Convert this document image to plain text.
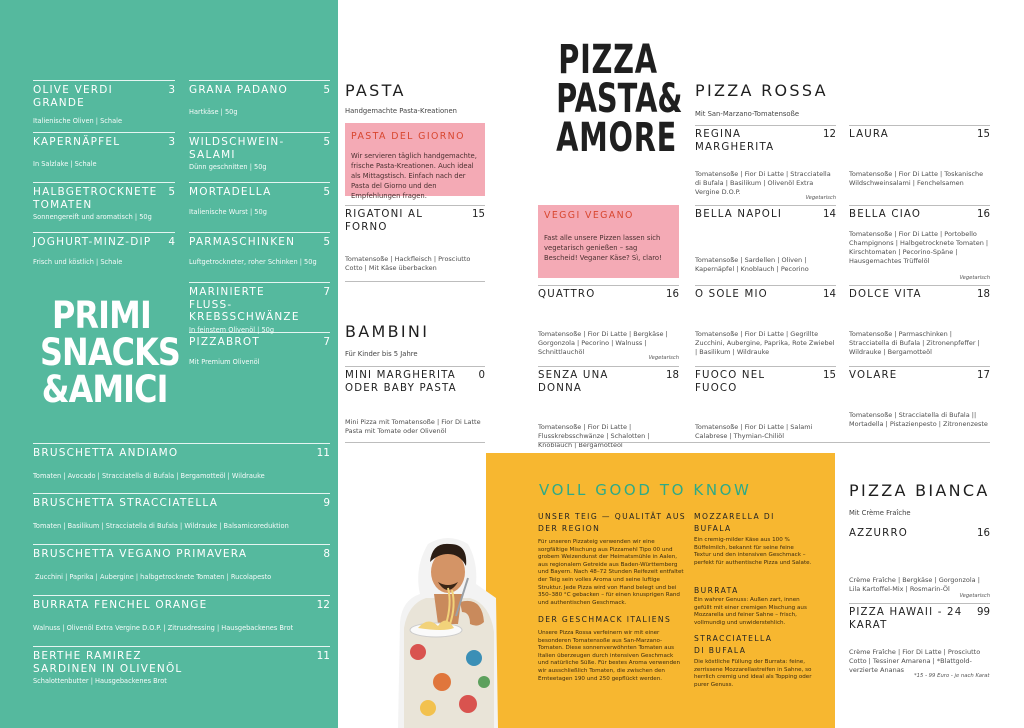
OLIVE VERDI GRANDE
3
Italienische Oliven | Schale
KAPERNÄPFEL	3
In Salzlake | Schale
HALBGETROCKNETE TOMATEN
5
Sonnengereift und aromatisch | 50g
JOGHURT-MINZ-DIP	4
Frisch und köstlich | Schale
GRANA PADANO	5
Hartkäse | 50g
WILDSCHWEIN-SALAMI
5
Dünn geschnitten | 50g
MORTADELLA	5
Italienische Wurst | 50g
PARMASCHINKEN	5
Luftgetrockneter, roher Schinken | 50g
MARINIERTE FLUSS-KREBSSCHWÄNZE
7
In feinstem Olivenöl | 50g
PIZZABROT	7
Mit Premium Olivenöl
PRIMI
SNACKS
&AMICI
BRUSCHETTA ANDIAMO	11
Tomaten | Avocado | Stracciatella di Bufala | Bergamotteöl | Wildrauke
BRUSCHETTA STRACCIATELLA	9
Tomaten | Basilikum | Stracciatella di Bufala | Wildrauke | Balsamicoreduktion
BRUSCHETTA VEGANO PRIMAVERA	8
Zucchini | Paprika | Aubergine | halbgetrocknete Tomaten | Rucolapesto
BURRATA FENCHEL ORANGE	12
Walnuss | Olivenöl Extra Vergine D.O.P. | Zitrusdressing | Hausgebackenes Brot
BERTHE RAMIREZ SARDINEN IN OLIVENÖL
11
Schalottenbutter | Hausgebackenes Brot
PASTA
Handgemachte Pasta-Kreationen
PASTA DEL GIORNO
Wir servieren täglich handgemachte, frische Pasta-Kreationen. Auch ideal als Mittagstisch. Einfach nach der Pasta del Giorno und den Empfehlungen fragen.
RIGATONI AL FORNO
15
Tomatensoße | Hackfleisch | Prosciutto Cotto | Mit Käse überbacken
BAMBINI
Für Kinder bis 5 Jahre
MINI MARGHERITA ODER BABY PASTA
0
Mini Pizza mit Tomatensoße | Fior Di Latte Pasta mit Tomate oder Olivenöl
PIZZA
PASTA&
AMORE
VEGGI VEGANO
Fast alle unsere Pizzen lassen sich vegetarisch genießen – sag Bescheid! Veganer Käse? Sì, claro!
PIZZA ROSSA
Mit San-Marzano-Tomatensoße
REGINA MARGHERITA
12
Tomatensoße | Fior Di Latte | Stracciatella di Bufala | Basilikum | Olivenöl Extra Vergine D.O.P.
Vegetarisch
LAURA	15
Tomatensoße | Fior Di Latte | Toskanische Wildschweinsalami | Fenchelsamen
BELLA NAPOLI	14
Tomatensoße | Sardellen | Oliven | Kapernäpfel | Knoblauch | Pecorino
BELLA CIAO	16
Tomatensoße | Fior Di Latte | Portobello Champignons | Halbgetrocknete Tomaten | Kirschtomaten | Pecorino-Späne | Hausgemachtes Trüffelöl
Vegetarisch
QUATTRO	16
Tomatensoße | Fior Di Latte | Bergkäse | Gorgonzola | Pecorino | Walnuss | Schnittlauchöl
Vegetarisch
O SOLE MIO	14
Tomatensoße | Fior Di Latte | Gegrillte Zucchini, Aubergine, Paprika, Rote Zwiebel | Basilikum | Wildrauke
DOLCE VITA	18
Tomatensoße | Parmaschinken | Stracciatella di Bufala | Zitronenpfeffer | Wildrauke | Bergamotteöl
SENZA UNA DONNA
18
Tomatensoße | Fior Di Latte | Flusskrebsschwänze | Schalotten | Knoblauch | Bergamotteöl
FUOCO NEL FUOCO
15
Tomatensoße | Fior Di Latte | Salami Calabrese | Thymian-Chiliöl
VOLARE	17
Tomatensoße | Stracciatella di Bufala || Mortadella | Pistazienpesto | Zitronenzeste
PIZZA BIANCA
Mit Crème Fraîche
AZZURRO	16
Crème Fraîche | Bergkäse | Gorgonzola | Lila Kartoffel-Mix | Rosmarin-Öl
Vegetarisch
PIZZA HAWAII - 24 KARAT
99
Crème Fraîche | Fior Di Latte | Prosciutto Cotto | Tessiner Amarena | *Blattgold-verzierte Ananas
*15 - 99 Euro - je nach Karat
VOLL GOOD TO KNOW
UNSER TEIG — QUALITÄT AUS DER REGION
Für unseren Pizzateig verwenden wir eine sorgfältige Mischung aus Pizzamehl Tipo 00 und grobem Weizendunst der Heimatsmühle in Aalen, aus regionalem Getreide aus Baden-Württemberg und Bayern. Nach 48–72 Stunden Reifezeit entfaltet der Teig sein volles Aroma und seine luftige Struktur. Jede Pizza wird von Hand belegt und bei 350–380 °C gebacken – für einen knusprigen Rand und authentischen Geschmack.
DER GESCHMACK ITALIENS
Unsere Pizza Rossa verfeinern wir mit einer besonderen Tomatensoße aus San-Marzano-Tomaten. Diese sonnenverwöhnten Tomaten aus Italien überzeugen durch intensiven Geschmack und natürliche Süße. Für bestes Aroma verwenden wir ausschließlich Tomaten, die zwischen den Ernteetagen 190 und 250 gepflückt werden.
MOZZARELLA DI BUFALA
Ein cremig-milder Käse aus 100 % Büffelmilch, bekannt für seine feine Textur und den intensiven Geschmack – perfekt für authentische Pizza und Salate.
BURRATA
Ein wahrer Genuss: Außen zart, innen gefüllt mit einer cremigen Mischung aus Mozzarella und feiner Sahne – frisch, vollmundig und unwiderstehlich.
STRACCIATELLA DI BUFALA
Die köstliche Füllung der Burrata: feine, zerrissene Mozzarellastreifen in Sahne, so herrlich cremig und ideal als Topping oder purer Genuss.
